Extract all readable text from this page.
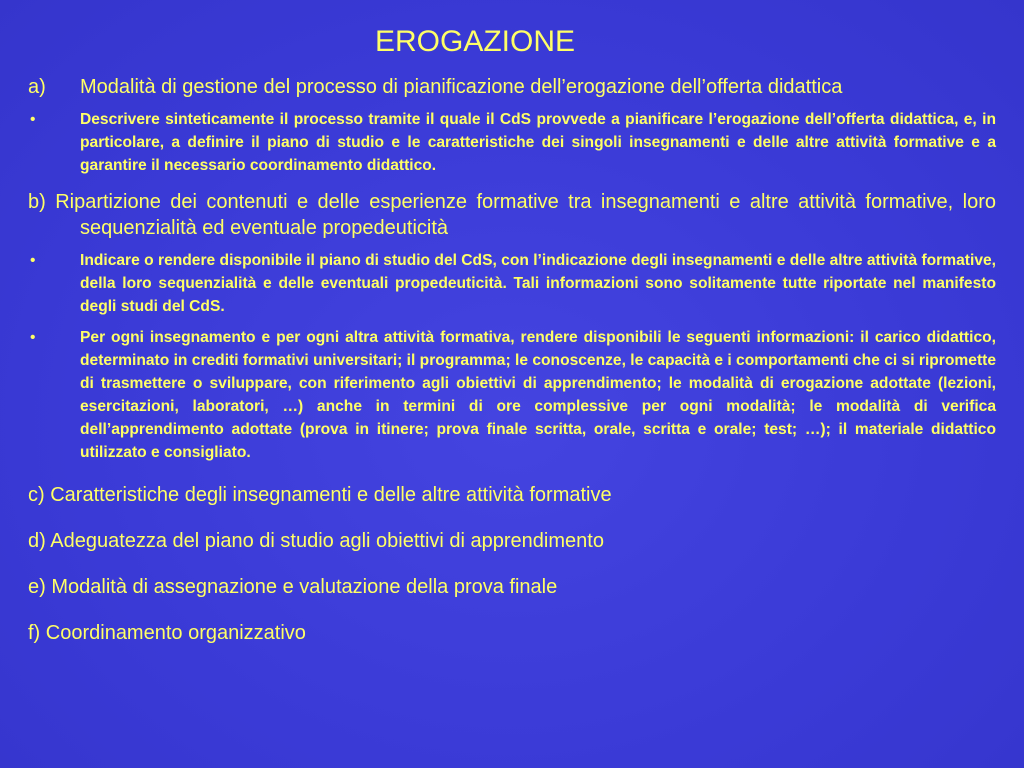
EROGAZIONE
a)	Modalità di gestione del processo di pianificazione dell’erogazione dell’offerta didattica
•	Descrivere sinteticamente il processo tramite il quale il CdS provvede a pianificare l’erogazione dell’offerta didattica, e, in particolare, a definire il piano di studio e le caratteristiche dei singoli insegnamenti e delle altre attività formative e a garantire il necessario coordinamento didattico.
b) Ripartizione dei contenuti e delle esperienze formative tra insegnamenti e altre attività formative, loro sequenzialità ed eventuale propedeuticità
•	Indicare o rendere disponibile il piano di studio del CdS, con l’indicazione degli insegnamenti e delle altre attività formative, della loro sequenzialità e delle eventuali propedeuticità. Tali informazioni sono solitamente tutte riportate nel manifesto degli studi del CdS.
•	Per ogni insegnamento e per ogni altra attività formativa, rendere disponibili le seguenti informazioni: il carico didattico, determinato in crediti formativi universitari; il programma; le conoscenze, le capacità e i comportamenti che ci si ripromette di trasmettere o sviluppare, con riferimento agli obiettivi di apprendimento; le modalità di erogazione adottate (lezioni, esercitazioni, laboratori, …) anche in termini di ore complessive per ogni modalità; le modalità di verifica dell’apprendimento adottate (prova in itinere; prova finale scritta, orale, scritta e orale; test; …); il materiale didattico utilizzato e consigliato.
c) Caratteristiche degli insegnamenti e delle altre attività formative
d) Adeguatezza del piano di studio agli obiettivi di apprendimento
e) Modalità di assegnazione e valutazione della prova finale
f) Coordinamento organizzativo
